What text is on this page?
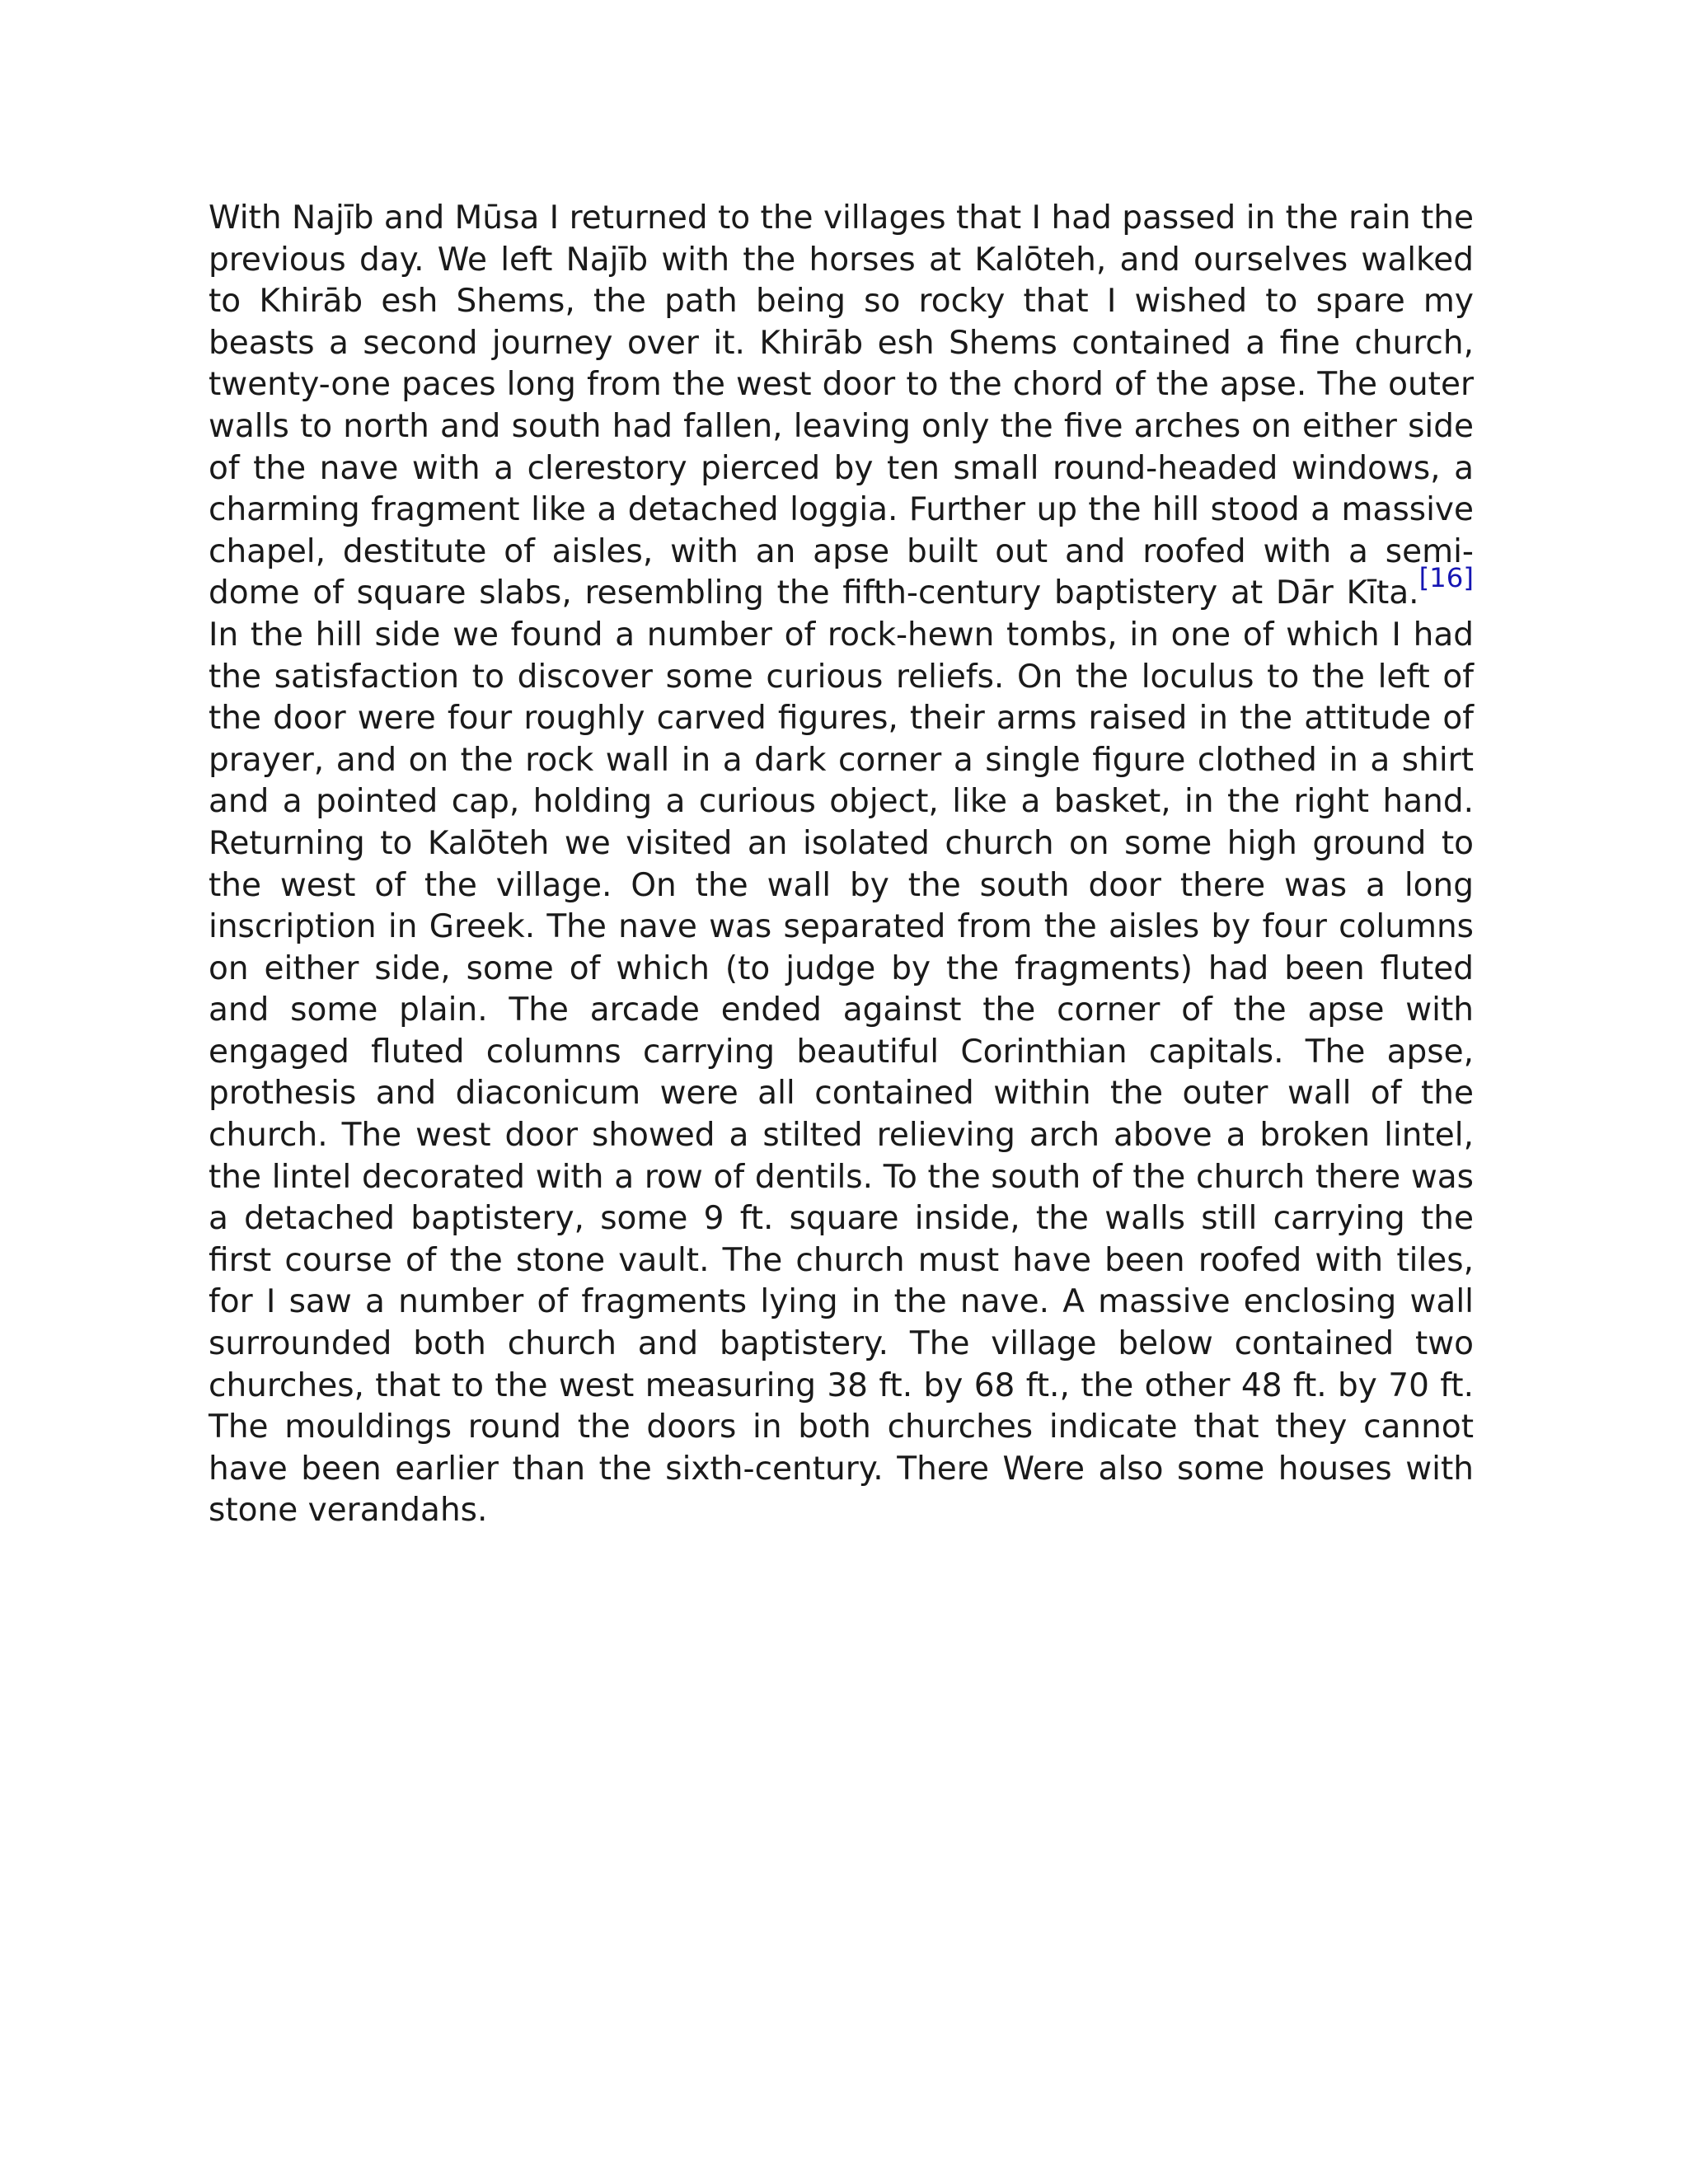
With Najīb and Mūsa I returned to the villages that I had passed in the rain the previous day. We left Najīb with the horses at Kalōteh, and ourselves walked to Khirāb esh Shems, the path being so rocky that I wished to spare my beasts a second journey over it. Khirāb esh Shems contained a fine church, twenty-one paces long from the west door to the chord of the apse. The outer walls to north and south had fallen, leaving only the five arches on either side of the nave with a clerestory pierced by ten small round-headed windows, a charming fragment like a detached loggia. Further up the hill stood a massive chapel, destitute of aisles, with an apse built out and roofed with a semi-dome of square slabs, resembling the fifth-century baptistery at Dār Kīta.[16] In the hill side we found a number of rock-hewn tombs, in one of which I had the satisfaction to discover some curious reliefs. On the loculus to the left of the door were four roughly carved figures, their arms raised in the attitude of prayer, and on the rock wall in a dark corner a single figure clothed in a shirt and a pointed cap, holding a curious object, like a basket, in the right hand. Returning to Kalōteh we visited an isolated church on some high ground to the west of the village. On the wall by the south door there was a long inscription in Greek. The nave was separated from the aisles by four columns on either side, some of which (to judge by the fragments) had been fluted and some plain. The arcade ended against the corner of the apse with engaged fluted columns carrying beautiful Corinthian capitals. The apse, prothesis and diaconicum were all contained within the outer wall of the church. The west door showed a stilted relieving arch above a broken lintel, the lintel decorated with a row of dentils. To the south of the church there was a detached baptistery, some 9 ft. square inside, the walls still carrying the first course of the stone vault. The church must have been roofed with tiles, for I saw a number of fragments lying in the nave. A massive enclosing wall surrounded both church and baptistery. The village below contained two churches, that to the west measuring 38 ft. by 68 ft., the other 48 ft. by 70 ft. The mouldings round the doors in both churches indicate that they cannot have been earlier than the sixth-century. There Were also some houses with stone verandahs.
